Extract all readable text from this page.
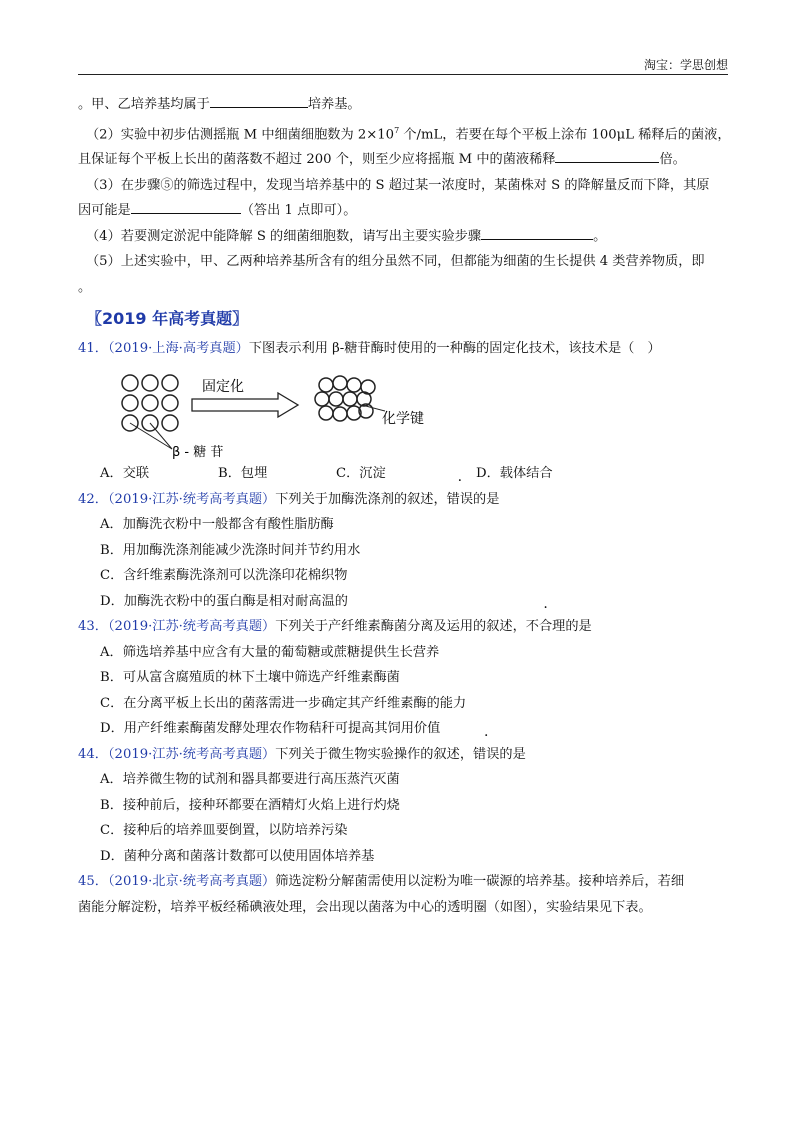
淘宝：学思创想
。甲、乙培养基均属于	培养基。
（2）实验中初步估测摇瓶 M 中细菌细胞数为 $2\times 10^7$ 个/mL，若要在每个平板上涂布 100μL 稀释后的菌液，
且保证每个平板上长出的菌落数不超过 200 个，则至少应将摇瓶 M 中的菌液稀释	倍。
（3）在步骤⑤的筛选过程中，发现当培养基中的 S 超过某一浓度时，某菌株对 S 的降解量反而下降，其原
因可能是	（答出 1 点即可）。
（4）若要测定淤泥中能降解 S 的细菌细胞数，请写出主要实验步骤	。
（5）上述实验中，甲、乙两种培养基所含有的组分虽然不同，但都能为细菌的生长提供 4 类营养物质，即
。
〖2019 年高考真题〗
41．（2019·上海·高考真题）下图表示利用 β-糖苷酶时使用的一种酶的固定化技术，该技术是（　）
β - 糖 苷
固定化
化学键
A．交联	B．包埋	C．沉淀	D．载体结合
42．（2019·江苏·统考高考真题）下列关于加酶洗涤剂的叙述，错误的是
A．加酶洗衣粉中一般都含有酸性脂肪酶
B．用加酶洗涤剂能减少洗涤时间并节约用水
C．含纤维素酶洗涤剂可以洗涤印花棉织物
D．加酶洗衣粉中的蛋白酶是相对耐高温的
43．（2019·江苏·统考高考真题）下列关于产纤维素酶菌分离及运用的叙述，不合理的是
A．筛选培养基中应含有大量的葡萄糖或蔗糖提供生长营养
B．可从富含腐殖质的林下土壤中筛选产纤维素酶菌
C．在分离平板上长出的菌落需进一步确定其产纤维素酶的能力
D．用产纤维素酶菌发酵处理农作物秸秆可提高其饲用价值
44．（2019·江苏·统考高考真题）下列关于微生物实验操作的叙述，错误的是
A．培养微生物的试剂和器具都要进行高压蒸汽灭菌
B．接种前后，接种环都要在酒精灯火焰上进行灼烧
C．接种后的培养皿要倒置，以防培养污染
D．菌种分离和菌落计数都可以使用固体培养基
45．（2019·北京·统考高考真题）筛选淀粉分解菌需使用以淀粉为唯一碳源的培养基。接种培养后，若细
菌能分解淀粉，培养平板经稀碘液处理，会出现以菌落为中心的透明圈（如图），实验结果见下表。
